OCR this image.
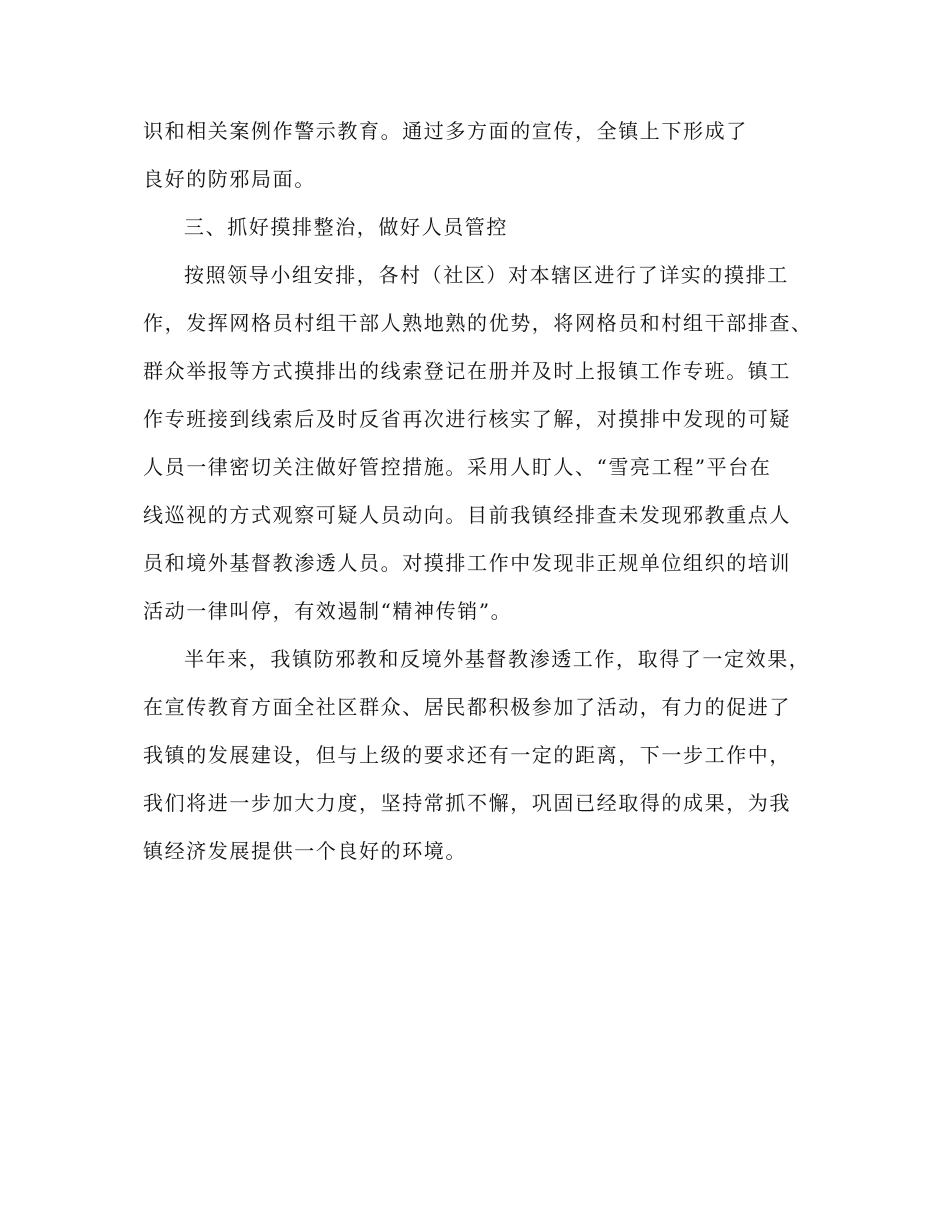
识和相关案例作警示教育。通过多方面的宣传，全镇上下形成了
良好的防邪局面。
三、抓好摸排整治，做好人员管控
按照领导小组安排，各村（社区）对本辖区进行了详实的摸排工
作，发挥网格员村组干部人熟地熟的优势，将网格员和村组干部排查、
群众举报等方式摸排出的线索登记在册并及时上报镇工作专班。镇工
作专班接到线索后及时反省再次进行核实了解，对摸排中发现的可疑
人员一律密切关注做好管控措施。采用人盯人、“雪亮工程”平台在
线巡视的方式观察可疑人员动向。目前我镇经排查未发现邪教重点人
员和境外基督教渗透人员。对摸排工作中发现非正规单位组织的培训
活动一律叫停，有效遏制“精神传销”。
半年来，我镇防邪教和反境外基督教渗透工作，取得了一定效果，
在宣传教育方面全社区群众、居民都积极参加了活动，有力的促进了
我镇的发展建设，但与上级的要求还有一定的距离，下一步工作中，
我们将进一步加大力度，坚持常抓不懈，巩固已经取得的成果，为我
镇经济发展提供一个良好的环境。
